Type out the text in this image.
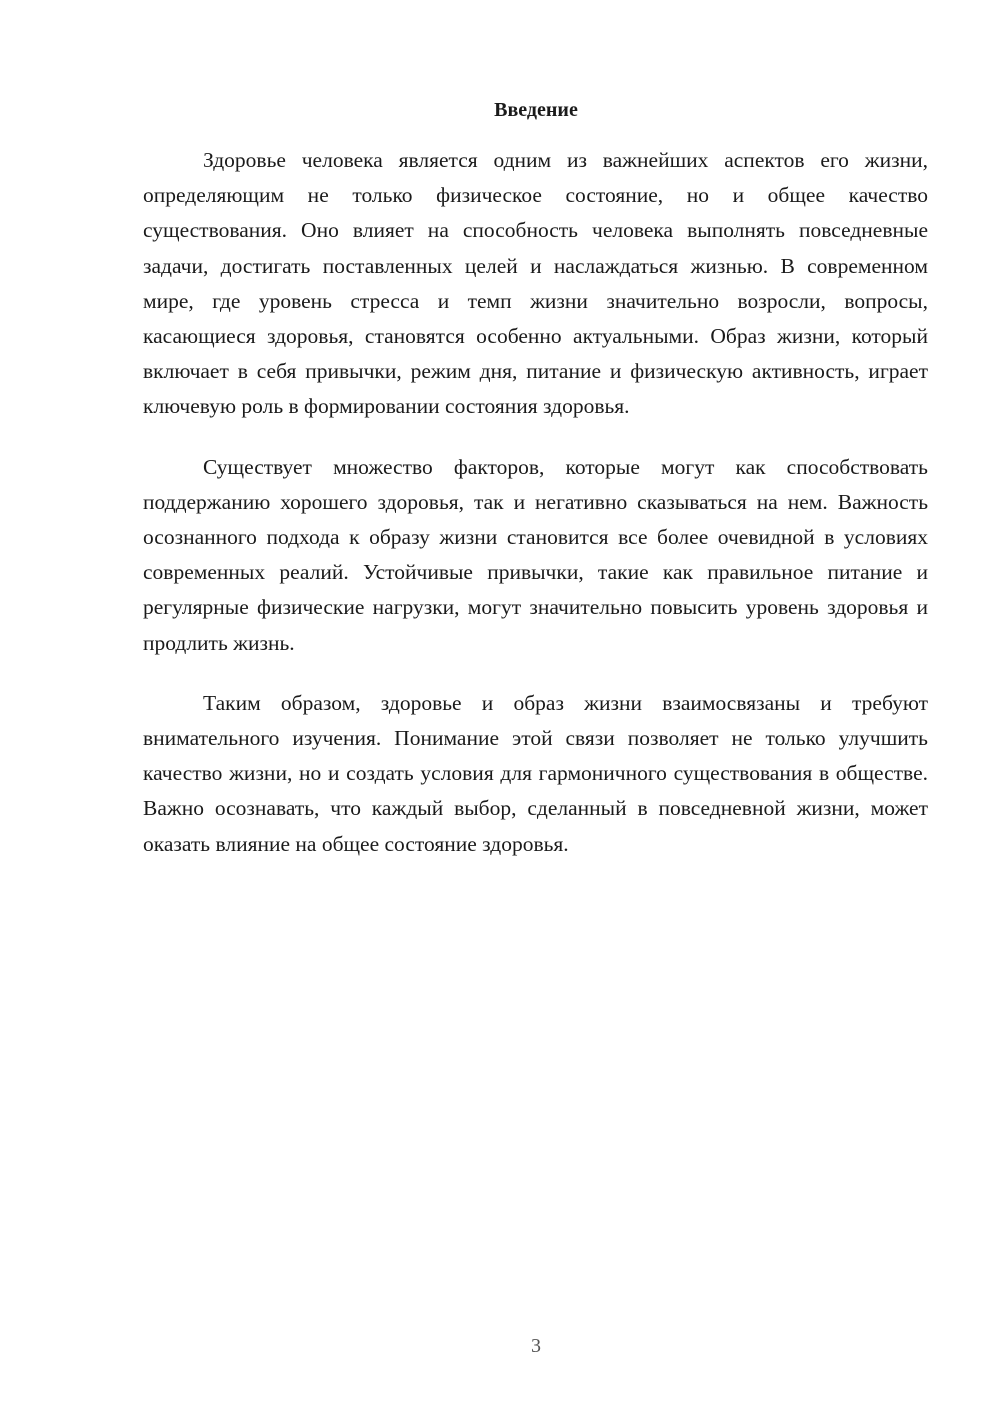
Введение

Здоровье человека является одним из важнейших аспектов его жизни, определяющим не только физическое состояние, но и общее качество существования. Оно влияет на способность человека выполнять повседневные задачи, достигать поставленных целей и наслаждаться жизнью. В современном мире, где уровень стресса и темп жизни значительно возросли, вопросы, касающиеся здоровья, становятся особенно актуальными. Образ жизни, который включает в себя привычки, режим дня, питание и физическую активность, играет ключевую роль в формировании состояния здоровья.

Существует множество факторов, которые могут как способствовать поддержанию хорошего здоровья, так и негативно сказываться на нем. Важность осознанного подхода к образу жизни становится все более очевидной в условиях современных реалий. Устойчивые привычки, такие как правильное питание и регулярные физические нагрузки, могут значительно повысить уровень здоровья и продлить жизнь.

Таким образом, здоровье и образ жизни взаимосвязаны и требуют внимательного изучения. Понимание этой связи позволяет не только улучшить качество жизни, но и создать условия для гармоничного существования в обществе. Важно осознавать, что каждый выбор, сделанный в повседневной жизни, может оказать влияние на общее состояние здоровья.

3
